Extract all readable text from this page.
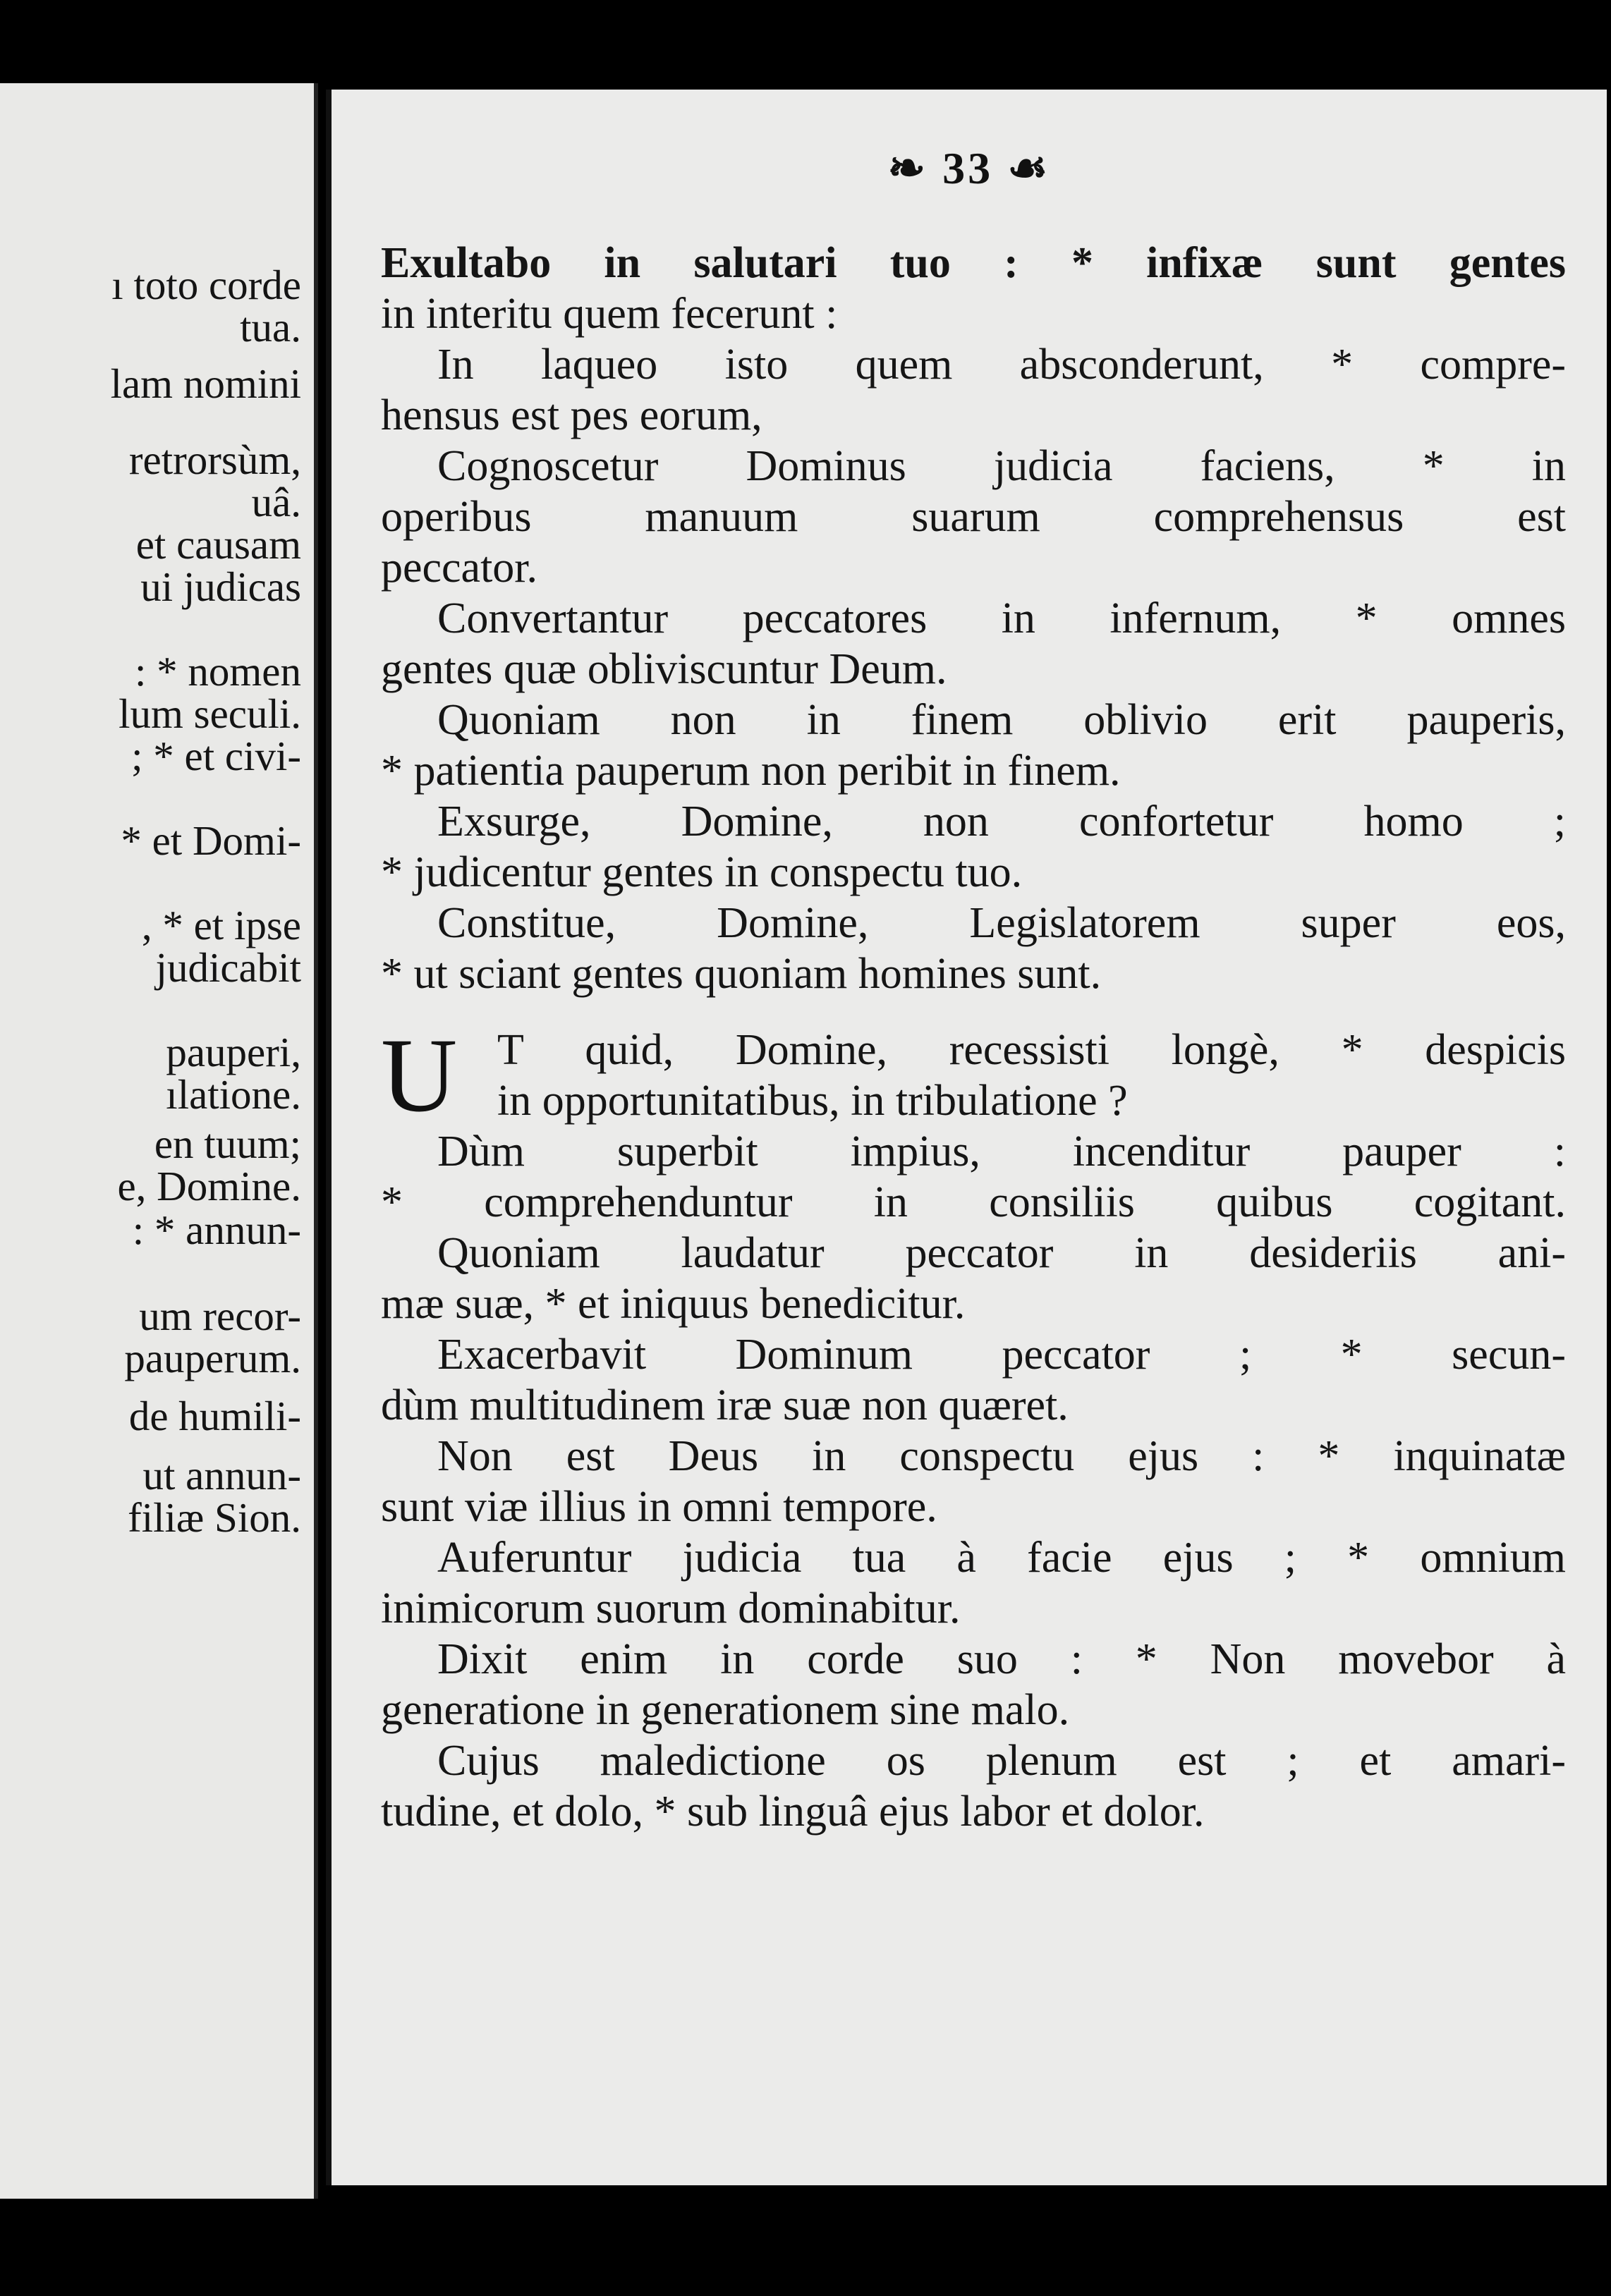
ı toto corde
tua.
lam nomini
retrorsùm,
uâ.
et causam
ui judicas
: * nomen
lum seculi.
; * et civi-
* et Domi-
, * et ipse
judicabit
pauperi,
ılatione.
en tuum;
e, Domine.
: * annun-
um recor-
pauperum.
de humili-
ut annun-
filiæ Sion.
❧ 33 ☙
Exultabo in salutari tuo : * infixæ sunt gentes
in interitu quem fecerunt :
In laqueo isto quem absconderunt, * compre-
hensus est pes eorum,
Cognoscetur Dominus judicia faciens, * in
operibus manuum suarum comprehensus est
peccator.
Convertantur peccatores in infernum, * omnes
gentes quæ obliviscuntur Deum.
Quoniam non in finem oblivio erit pauperis,
* patientia pauperum non peribit in finem.
Exsurge, Domine, non confortetur homo ;
* judicentur gentes in conspectu tuo.
Constitue, Domine, Legislatorem super eos,
* ut sciant gentes quoniam homines sunt.
U T quid, Domine, recessisti longè, * despicis
in opportunitatibus, in tribulatione ?
Dùm superbit impius, incenditur pauper :
* comprehenduntur in consiliis quibus cogitant.
Quoniam laudatur peccator in desideriis ani-
mæ suæ, * et iniquus benedicitur.
Exacerbavit Dominum peccator ; * secun-
dùm multitudinem iræ suæ non quæret.
Non est Deus in conspectu ejus : * inquinatæ
sunt viæ illius in omni tempore.
Auferuntur judicia tua à facie ejus ; * omnium
inimicorum suorum dominabitur.
Dixit enim in corde suo : * Non movebor à
generatione in generationem sine malo.
Cujus maledictione os plenum est ; et amari-
tudine, et dolo, * sub linguâ ejus labor et dolor.
